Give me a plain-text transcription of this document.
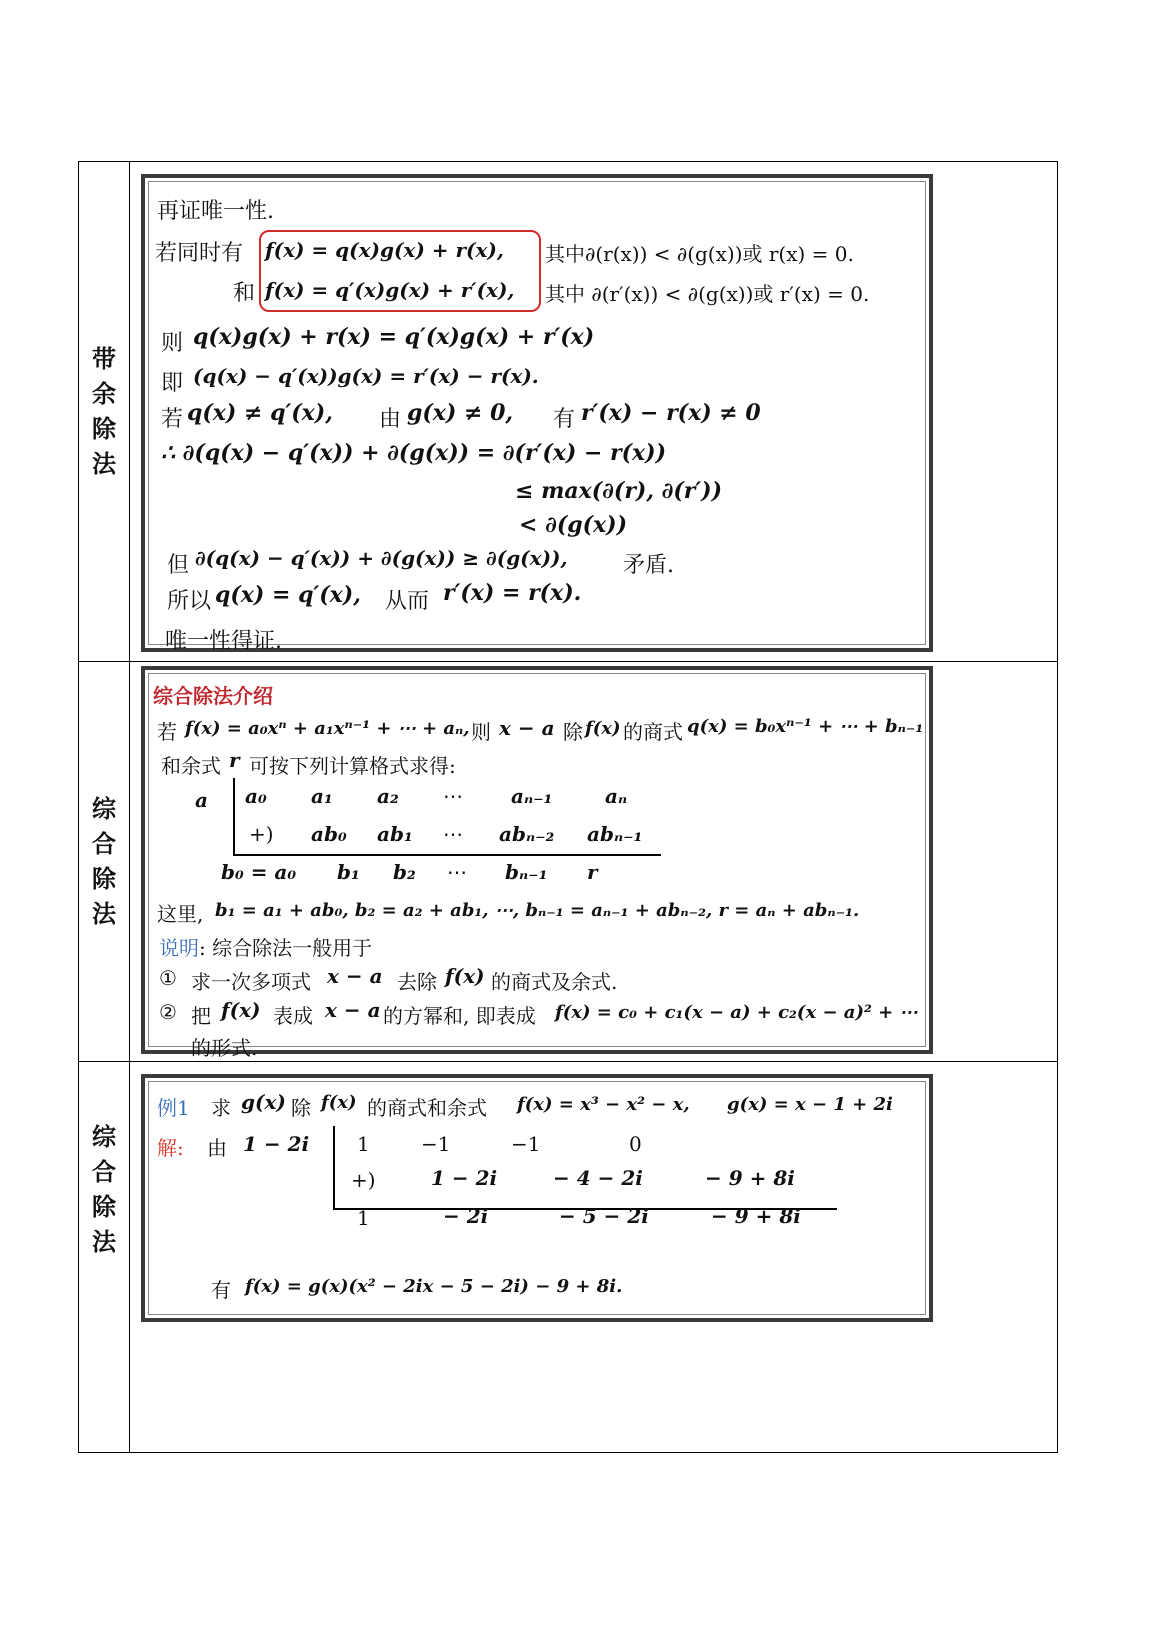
带
余
除
法
再证唯一性.
若同时有 f(x) = q(x)g(x) + r(x), 其中∂(r(x)) < ∂(g(x))或 r(x) = 0.
和 f(x) = q′(x)g(x) + r′(x), 其中 ∂(r′(x)) < ∂(g(x))或 r′(x) = 0.
则 q(x)g(x) + r(x) = q′(x)g(x) + r′(x)
即 (q(x) − q′(x))g(x) = r′(x) − r(x).
若 q(x) ≠ q′(x), 由 g(x) ≠ 0, 有 r′(x) − r(x) ≠ 0
∴ ∂(q(x) − q′(x)) + ∂(g(x)) = ∂(r′(x) − r(x))
≤ max(∂(r), ∂(r′))
< ∂(g(x))
但 ∂(q(x) − q′(x)) + ∂(g(x)) ≥ ∂(g(x)),	矛盾.
所以 q(x) = q′(x), 从而 r′(x) = r(x).
唯一性得证.
综
合
除
法
综合除法介绍
若 f(x) = a₀xⁿ + a₁xⁿ⁻¹ + ⋯ + aₙ, 则 x − a 除 f(x) 的商式 q(x) = b₀xⁿ⁻¹ + ⋯ + bₙ₋₁
和余式 r 可按下列计算格式求得:
a a₀ a₁ a₂ ⋯ aₙ₋₁	aₙ
+) ab₀ ab₁ ⋯ abₙ₋₂ abₙ₋₁
b₀ = a₀ b₁ b₂ ⋯ bₙ₋₁ r
这里, b₁ = a₁ + ab₀, b₂ = a₂ + ab₁, ⋯, bₙ₋₁ = aₙ₋₁ + abₙ₋₂, r = aₙ + abₙ₋₁.
说明 : 综合除法一般用于
① 求一次多项式 x − a 去除 f(x) 的商式及余式.
② 把 f(x) 表成 x − a 的方幂和, 即表成 f(x) = c₀ + c₁(x − a) + c₂(x − a)² + ⋯
的形式.
综
合
除
法
例1 求 g(x) 除 f(x) 的商式和余式 f(x) = x³ − x² − x, g(x) = x − 1 + 2i
解: 由 1 − 2i 1	−1	−1	0
+)	1 − 2i	− 4 − 2i	− 9 + 8i
1	− 2i	− 5 − 2i	− 9 + 8i
有 f(x) = g(x)(x² − 2ix − 5 − 2i) − 9 + 8i.
